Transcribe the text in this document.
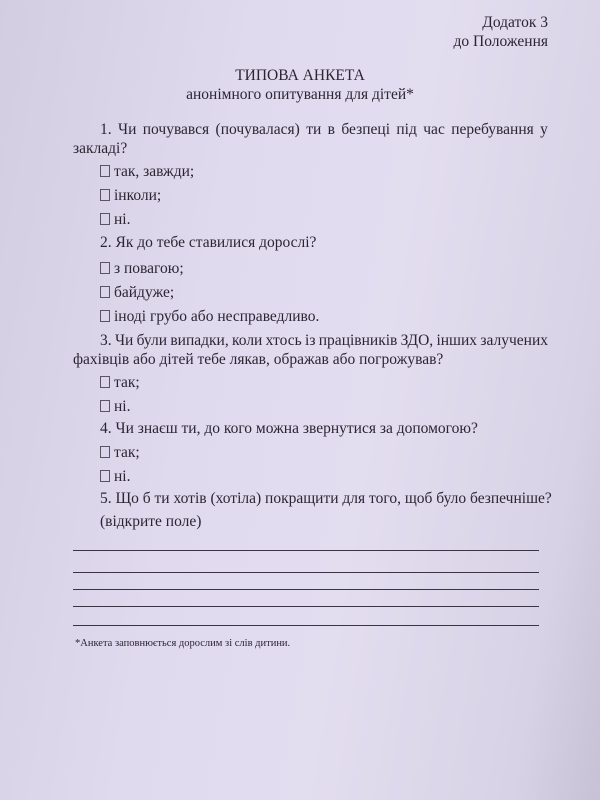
Додаток 3
до Положення
ТИПОВА АНКЕТА
анонімного опитування для дітей*
1. Чи почувався (почувалася) ти в безпеці під час перебування у
закладі?
так, завжди;
інколи;
ні.
2. Як до тебе ставилися дорослі?
з повагою;
байдуже;
іноді грубо або несправедливо.
3. Чи були випадки, коли хтось із працівників ЗДО, інших залучених
фахівців або дітей тебе лякав, ображав або погрожував?
так;
ні.
4. Чи знаєш ти, до кого можна звернутися за допомогою?
так;
ні.
5. Що б ти хотів (хотіла) покращити для того, щоб було безпечніше?
(відкрите поле)
*Анкета заповнюється дорослим зі слів дитини.
